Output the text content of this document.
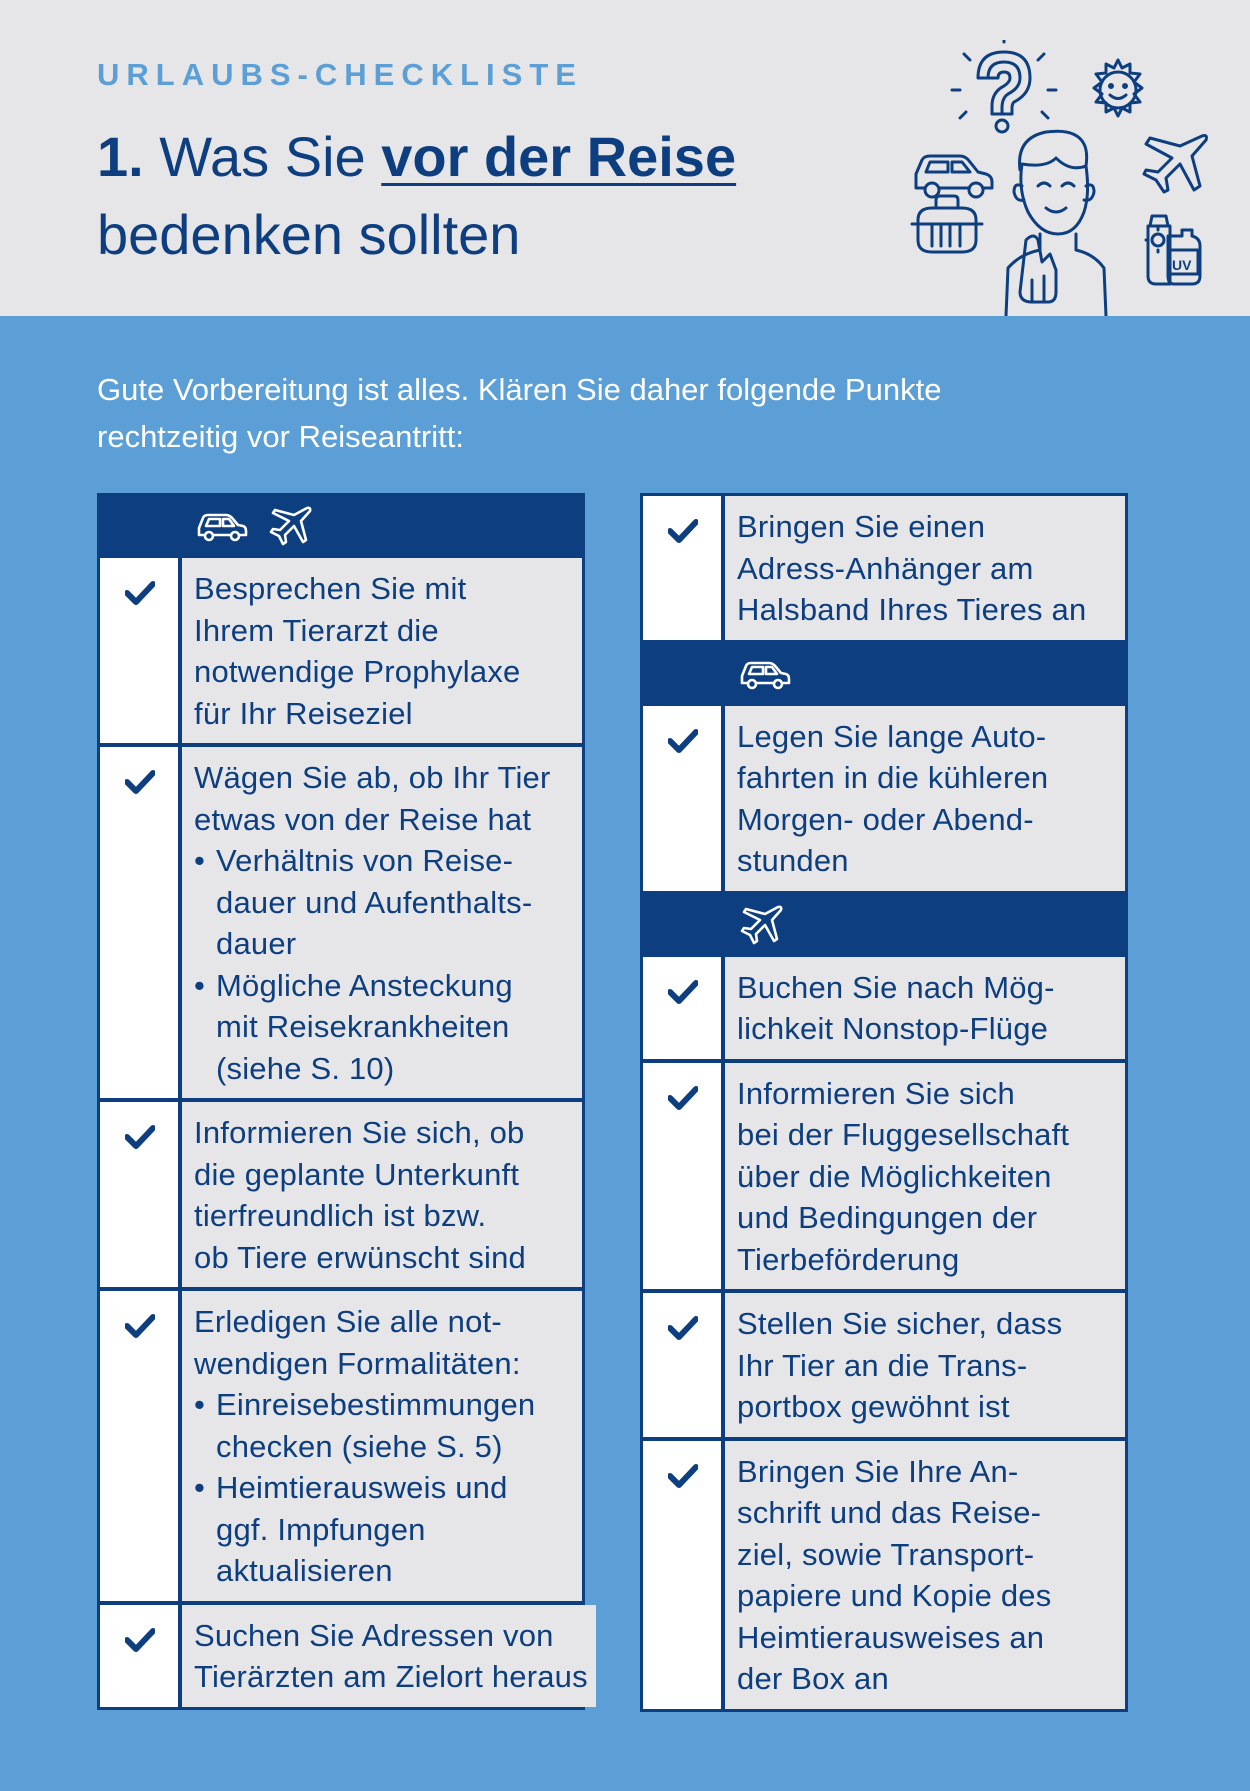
URLAUBS-CHECKLISTE
1. Was Sie vor der Reise
bedenken sollten	UV

Gute Vorbereitung ist alles. Klären Sie daher folgende Punkte
rechtzeitig vor Reiseantritt:

Besprechen Sie mit
Ihrem Tierarzt die
notwendige Prophylaxe
für Ihr Reiseziel
Wägen Sie ab, ob Ihr Tier
etwas von der Reise hat
• Verhältnis von Reise-
dauer und Aufenthalts-
dauer
• Mögliche Ansteckung
mit Reisekrankheiten
(siehe S. 10)
Informieren Sie sich, ob
die geplante Unterkunft
tierfreundlich ist bzw.
ob Tiere erwünscht sind
Erledigen Sie alle not-
wendigen Formalitäten:
• Einreisebestimmungen
checken (siehe S. 5)
• Heimtierausweis und
ggf. Impfungen
aktualisieren
Suchen Sie Adressen von
Tierärzten am Zielort heraus
Bringen Sie einen
Adress-Anhänger am
Halsband Ihres Tieres an
Legen Sie lange Auto-
fahrten in die kühleren
Morgen- oder Abend-
stunden
Buchen Sie nach Mög-
lichkeit Nonstop-Flüge
Informieren Sie sich
bei der Fluggesellschaft
über die Möglichkeiten
und Bedingungen der
Tierbeförderung
Stellen Sie sicher, dass
Ihr Tier an die Trans-
portbox gewöhnt ist
Bringen Sie Ihre An-
schrift und das Reise-
ziel, sowie Transport-
papiere und Kopie des
Heimtierausweises an
der Box an
